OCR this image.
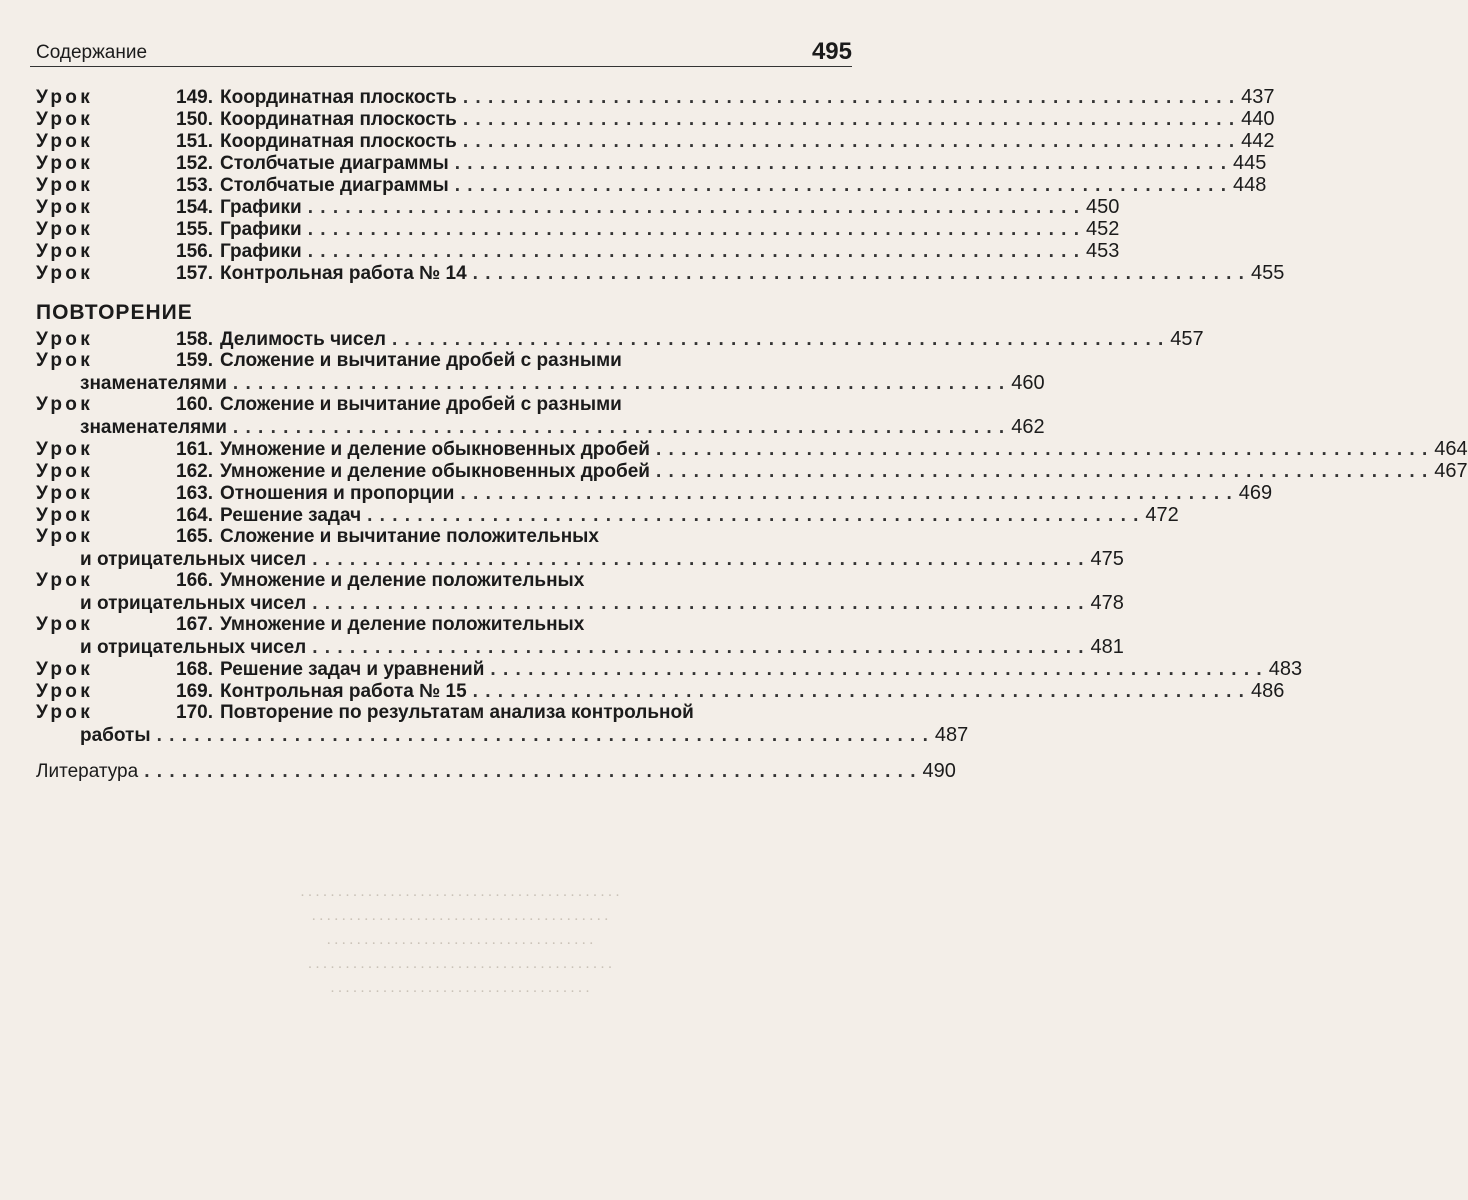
. . . . . . . . . . . . . . . . . . . . . . . . . . . . . . . . . . . . . . . . . . .
. . . . . . . . . . . . . . . . . . . . . . . . . . . . . . . . . . . . . . . .
. . . . . . . . . . . . . . . . . . . . . . . . . . . . . . . . . . . .
. . . . . . . . . . . . . . . . . . . . . . . . . . . . . . . . . . . . . . . . .
. . . . . . . . . . . . . . . . . . . . . . . . . . . . . . . . . . .
Содержание	495
Урок	149. Координатная плоскость . . . . . . . . . . . . . . . . . . . . . . . . . . . . . . . . . . . . . . . . . . . . . . . . . . . . . . . . . . . . . . 437
Урок	150. Координатная плоскость . . . . . . . . . . . . . . . . . . . . . . . . . . . . . . . . . . . . . . . . . . . . . . . . . . . . . . . . . . . . . . 440
Урок	151. Координатная плоскость . . . . . . . . . . . . . . . . . . . . . . . . . . . . . . . . . . . . . . . . . . . . . . . . . . . . . . . . . . . . . . 442
Урок	152. Столбчатые диаграммы . . . . . . . . . . . . . . . . . . . . . . . . . . . . . . . . . . . . . . . . . . . . . . . . . . . . . . . . . . . . . . 445
Урок	153. Столбчатые диаграммы . . . . . . . . . . . . . . . . . . . . . . . . . . . . . . . . . . . . . . . . . . . . . . . . . . . . . . . . . . . . . . 448
Урок	154. Графики . . . . . . . . . . . . . . . . . . . . . . . . . . . . . . . . . . . . . . . . . . . . . . . . . . . . . . . . . . . . . . 450
Урок	155. Графики . . . . . . . . . . . . . . . . . . . . . . . . . . . . . . . . . . . . . . . . . . . . . . . . . . . . . . . . . . . . . . 452
Урок	156. Графики . . . . . . . . . . . . . . . . . . . . . . . . . . . . . . . . . . . . . . . . . . . . . . . . . . . . . . . . . . . . . . 453
Урок	157. Контрольная работа № 14 . . . . . . . . . . . . . . . . . . . . . . . . . . . . . . . . . . . . . . . . . . . . . . . . . . . . . . . . . . . . . . 455
ПОВТОРЕНИЕ
Урок	158. Делимость чисел . . . . . . . . . . . . . . . . . . . . . . . . . . . . . . . . . . . . . . . . . . . . . . . . . . . . . . . . . . . . . . 457
Урок	159. Сложение и вычитание дробей с разными
знаменателями . . . . . . . . . . . . . . . . . . . . . . . . . . . . . . . . . . . . . . . . . . . . . . . . . . . . . . . . . . . . . . 460
Урок	160. Сложение и вычитание дробей с разными
знаменателями . . . . . . . . . . . . . . . . . . . . . . . . . . . . . . . . . . . . . . . . . . . . . . . . . . . . . . . . . . . . . . 462
Урок	161. Умножение и деление обыкновенных дробей . . . . . . . . . . . . . . . . . . . . . . . . . . . . . . . . . . . . . . . . . . . . . . . . . . . . . . . . . . . . . . 464
Урок	162. Умножение и деление обыкновенных дробей . . . . . . . . . . . . . . . . . . . . . . . . . . . . . . . . . . . . . . . . . . . . . . . . . . . . . . . . . . . . . . 467
Урок	163. Отношения и пропорции . . . . . . . . . . . . . . . . . . . . . . . . . . . . . . . . . . . . . . . . . . . . . . . . . . . . . . . . . . . . . . 469
Урок	164. Решение задач . . . . . . . . . . . . . . . . . . . . . . . . . . . . . . . . . . . . . . . . . . . . . . . . . . . . . . . . . . . . . . 472
Урок	165. Сложение и вычитание положительных
и отрицательных чисел . . . . . . . . . . . . . . . . . . . . . . . . . . . . . . . . . . . . . . . . . . . . . . . . . . . . . . . . . . . . . . 475
Урок	166. Умножение и деление положительных
и отрицательных чисел . . . . . . . . . . . . . . . . . . . . . . . . . . . . . . . . . . . . . . . . . . . . . . . . . . . . . . . . . . . . . . 478
Урок	167. Умножение и деление положительных
и отрицательных чисел . . . . . . . . . . . . . . . . . . . . . . . . . . . . . . . . . . . . . . . . . . . . . . . . . . . . . . . . . . . . . . 481
Урок	168. Решение задач и уравнений . . . . . . . . . . . . . . . . . . . . . . . . . . . . . . . . . . . . . . . . . . . . . . . . . . . . . . . . . . . . . . 483
Урок	169. Контрольная работа № 15 . . . . . . . . . . . . . . . . . . . . . . . . . . . . . . . . . . . . . . . . . . . . . . . . . . . . . . . . . . . . . . 486
Урок	170. Повторение по результатам анализа контрольной
работы . . . . . . . . . . . . . . . . . . . . . . . . . . . . . . . . . . . . . . . . . . . . . . . . . . . . . . . . . . . . . . 487
Литература . . . . . . . . . . . . . . . . . . . . . . . . . . . . . . . . . . . . . . . . . . . . . . . . . . . . . . . . . . . . . . 490
